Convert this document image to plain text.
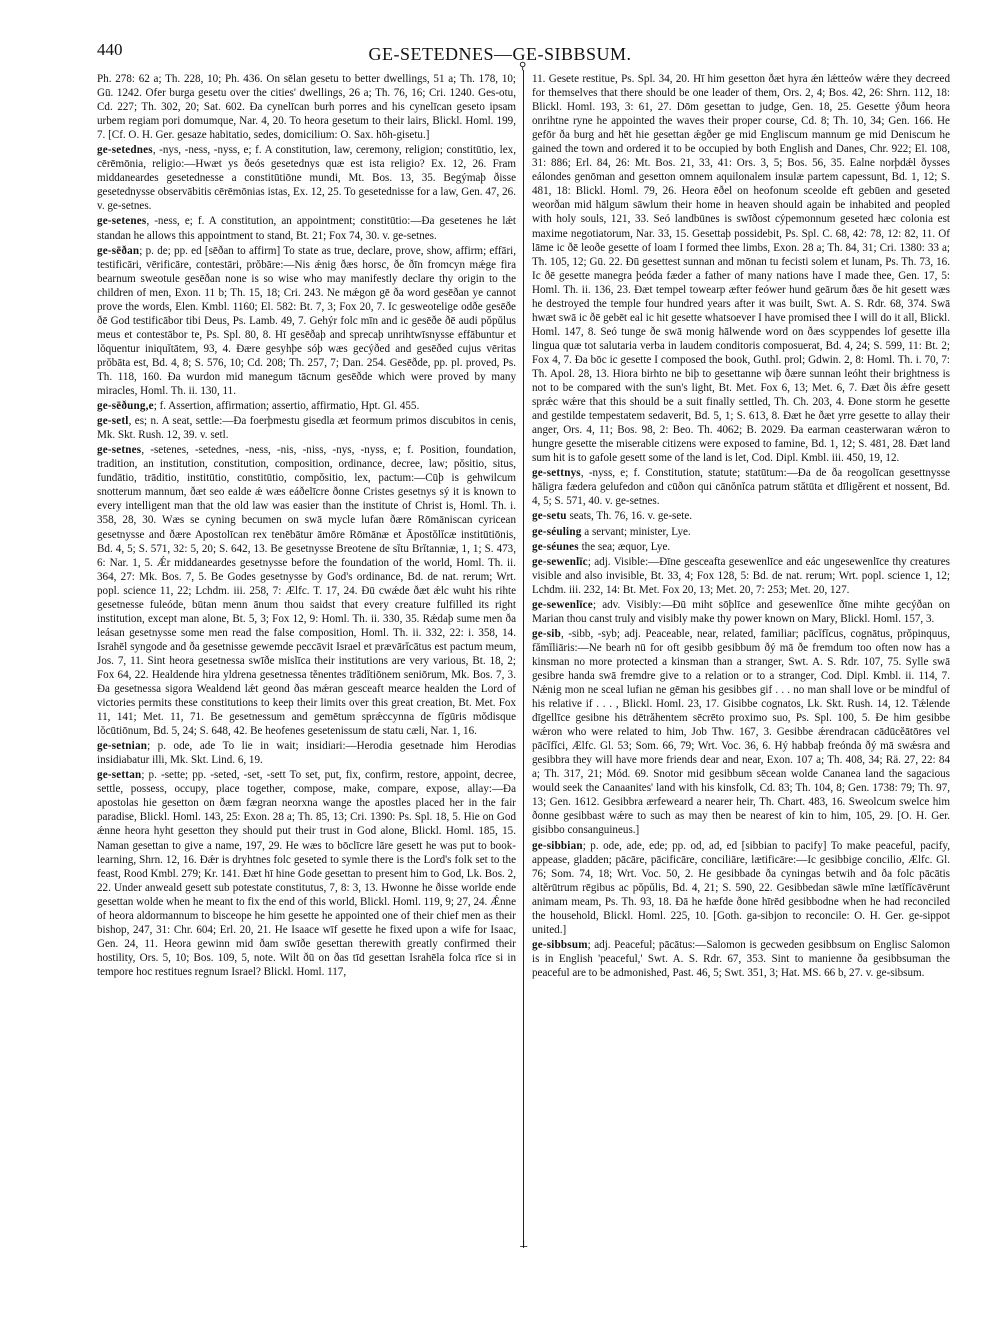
440	GE-SETEDNES—GE-SIBBSUM.
⚲
⊥

Ph. 278: 62 a; Th. 228, 10; Ph. 436. On sēlan gesetu to better dwellings, 51 a; Th. 178, 10; Gū. 1242. Ofer burga gesetu over the cities' dwellings, 26 a; Th. 76, 16; Cri. 1240. Ges-otu, Cd. 227; Th. 302, 20; Sat. 602. Ða cynelīcan burh porres and his cynelīcan geseto ipsam urbem regiam pori domumque, Nar. 4, 20. To heora gesetum to their lairs, Blickl. Homl. 199, 7. [Cf. O. H. Ger. gesaze habitatio, sedes, domicilium: O. Sax. hōh-gisetu.]

ge-setednes, -nys, -ness, -nyss, e; f. A constitution, law, ceremony, religion; constitūtio, lex, cērēmōnia, religio:—Hwæt ys ðeós gesetednys quæ est ista religio? Ex. 12, 26. Fram middaneardes gesetednesse a constitūtiōne mundi, Mt. Bos. 13, 35. Begýmaþ ðisse gesetednysse observābitis cērēmōnias istas, Ex. 12, 25. To gesetednisse for a law, Gen. 47, 26. v. ge-setnes.

ge-setenes, -ness, e; f. A constitution, an appointment; constitūtio:—Ða gesetenes he lǽt standan he allows this appointment to stand, Bt. 21; Fox 74, 30. v. ge-setnes.

ge-sēðan; p. de; pp. ed [sēðan to affirm] To state as true, declare, prove, show, affirm; effāri, testificāri, vērificāre, contestāri, prŏbāre:—Nis ǽnig ðæs horsc, ðe ðīn fromcyn mǽge fira bearnum sweotule gesēðan none is so wise who may manifestly declare thy origin to the children of men, Exon. 11 b; Th. 15, 18; Cri. 243. Ne mǽgon gē ða word gesēðan ye cannot prove the words, Elen. Kmbl. 1160; El. 582: Bt. 7, 3; Fox 20, 7. Ic gesweotelige odðe gesēðe ðē God testificābor tibi Deus, Ps. Lamb. 49, 7. Gehýr folc mīn and ic gesēðe ðē audi pŏpŭlus meus et contestābor te, Ps. Spl. 80, 8. Hī gesēðaþ and sprecaþ unrihtwīsnysse effābuntur et lŏquentur iniquĭtātem, 93, 4. Ðære gesyhþe sóþ wæs gecýðed and gesēðed cujus vēritas prŏbāta est, Bd. 4, 8; S. 576, 10; Cd. 208; Th. 257, 7; Dan. 254. Gesēðde, pp. pl. proved, Ps. Th. 118, 160. Ða wurdon mid manegum tācnum gesēðde which were proved by many miracles, Homl. Th. ii. 130, 11.

ge-sēðung,e; f. Assertion, affirmation; assertio, affirmatio, Hpt. Gl. 455.

ge-setl, es; n. A seat, settle:—Ða foerþmestu gisedla æt feormum primos discubitos in cenis, Mk. Skt. Rush. 12, 39. v. setl.

ge-setnes, -setenes, -setednes, -ness, -nis, -niss, -nys, -nyss, e; f. Position, foundation, tradition, an institution, constitution, composition, ordinance, decree, law; pŏsitio, situs, fundātio, trāditio, institūtio, constitūtio, compŏsitio, lex, pactum:—Cūþ is gehwilcum snotterum mannum, ðæt seo ealde ǽ wæs eáðelīcre ðonne Cristes gesetnys sý it is known to every intelligent man that the old law was easier than the institute of Christ is, Homl. Th. i. 358, 28, 30. Wæs se cyning becumen on swā mycle lufan ðære Rōmāniscan cyricean gesetnysse and ðære Apostolīcan rex tenēbātur āmōre Rōmānæ et Āpostŏlĭcæ institūtiōnis, Bd. 4, 5; S. 571, 32: 5, 20; S. 642, 13. Be gesetnysse Breotene de sĭtu Brĭtanniæ, 1, 1; S. 473, 6: Nar. 1, 5. Ǽr middaneardes gesetnysse before the foundation of the world, Homl. Th. ii. 364, 27: Mk. Bos. 7, 5. Be Godes gesetnysse by God's ordinance, Bd. de nat. rerum; Wrt. popl. science 11, 22; Lchdm. iii. 258, 7: Ælfc. T. 17, 24. Ðū cwǽde ðæt ǽlc wuht his rihte gesetnesse fuleóde, būtan menn ānum thou saidst that every creature fulfilled its right institution, except man alone, Bt. 5, 3; Fox 12, 9: Homl. Th. ii. 330, 35. Rǽdaþ sume men ða leásan gesetnysse some men read the false composition, Homl. Th. ii. 332, 22: i. 358, 14. Israhēl syngode and ða gesetnisse gewemde peccāvit Israel et prævārĭcātus est pactum meum, Jos. 7, 11. Sint heora gesetnessa swīðe mislīca their institutions are very various, Bt. 18, 2; Fox 64, 22. Healdende hira yldrena gesetnessa tĕnentes trādĭtiōnem seniōrum, Mk. Bos. 7, 3. Ða gesetnessa sigora Wealdend lǽt geond ðas mǽran gesceaft mearce healden the Lord of victories permits these constitutions to keep their limits over this great creation, Bt. Met. Fox 11, 141; Met. 11, 71. Be gesetnessum and gemētum sprǽccynna de fĭgūris mŏdisque lŏcūtiōnum, Bd. 5, 24; S. 648, 42. Be heofenes gesetenissum de statu cæli, Nar. 1, 16.

ge-setnian; p. ode, ade To lie in wait; insidiari:—Herodia gesetnade him Herodias insidiabatur illi, Mk. Skt. Lind. 6, 19.

ge-settan; p. -sette; pp. -seted, -set, -sett To set, put, fix, confirm, restore, appoint, decree, settle, possess, occupy, place together, compose, make, compare, expose, allay:—Ða apostolas hie gesetton on ðæm fægran neorxna wange the apostles placed her in the fair paradise, Blickl. Homl. 143, 25: Exon. 28 a; Th. 85, 13; Cri. 1390: Ps. Spl. 18, 5. Hie on God ǽnne heora hyht gesetton they should put their trust in God alone, Blickl. Homl. 185, 15. Naman gesettan to give a name, 197, 29. He wæs to bōclīcre lāre gesett he was put to book-learning, Shrn. 12, 16. Ðǽr is dryhtnes folc geseted to symle there is the Lord's folk set to the feast, Rood Kmbl. 279; Kr. 141. Ðæt hī hine Gode gesettan to present him to God, Lk. Bos. 2, 22. Under anweald gesett sub potestate constitutus, 7, 8: 3, 13. Hwonne he ðisse worlde ende gesettan wolde when he meant to fix the end of this world, Blickl. Homl. 119, 9; 27, 24. Ǽnne of heora aldormannum to bisceope he him gesette he appointed one of their chief men as their bishop, 247, 31: Chr. 604; Erl. 20, 21. He Isaace wīf gesette he fixed upon a wife for Isaac, Gen. 24, 11. Heora gewinn mid ðam swīðe gesettan therewith greatly confirmed their hostility, Ors. 5, 10; Bos. 109, 5, note. Wilt ðū on ðas tīd gesettan Israhēla folca rīce si in tempore hoc restitues regnum Israel? Blickl. Homl. 117,

11. Gesete restitue, Ps. Spl. 34, 20. Hī him gesetton ðæt hyra ǽn lǽtteów wǽre they decreed for themselves that there should be one leader of them, Ors. 2, 4; Bos. 42, 26: Shrn. 112, 18: Blickl. Homl. 193, 3: 61, 27. Dōm gesettan to judge, Gen. 18, 25. Gesette ýðum heora onrihtne ryne he appointed the waves their proper course, Cd. 8; Th. 10, 34; Gen. 166. He gefōr ða burg and hēt hie gesettan ǽgðer ge mid Engliscum mannum ge mid Deniscum he gained the town and ordered it to be occupied by both English and Danes, Chr. 922; El. 108, 31: 886; Erl. 84, 26: Mt. Bos. 21, 33, 41: Ors. 3, 5; Bos. 56, 35. Ealne norþdǽl ðysses eálondes genōman and gesetton omnem aquilonalem insulæ partem capessunt, Bd. 1, 12; S. 481, 18: Blickl. Homl. 79, 26. Heora ēðel on heofonum sceolde eft gebūen and geseted weorðan mid hālgum sāwlum their home in heaven should again be inhabited and peopled with holy souls, 121, 33. Seó landbūnes is swīðost cýpemonnum geseted hæc colonia est maxime negotiatorum, Nar. 33, 15. Gesettaþ possidebit, Ps. Spl. C. 68, 42: 78, 12: 82, 11. Of lāme ic ðē leoðe gesette of loam I formed thee limbs, Exon. 28 a; Th. 84, 31; Cri. 1380: 33 a; Th. 105, 12; Gū. 22. Ðū gesettest sunnan and mōnan tu fecisti solem et lunam, Ps. Th. 73, 16. Ic ðē gesette manegra þeóda fæder a father of many nations have I made thee, Gen. 17, 5: Homl. Th. ii. 136, 23. Ðæt tempel towearp æfter feówer hund geārum ðæs ðe hit gesett wæs he destroyed the temple four hundred years after it was built, Swt. A. S. Rdr. 68, 374. Swā hwæt swā ic ðē gebēt eal ic hit gesette whatsoever I have promised thee I will do it all, Blickl. Homl. 147, 8. Seó tunge ðe swā monig hālwende word on ðæs scyppendes lof gesette illa lingua quæ tot salutaria verba in laudem conditoris composuerat, Bd. 4, 24; S. 599, 11: Bt. 2; Fox 4, 7. Ða bōc ic gesette I composed the book, Guthl. prol; Gdwin. 2, 8: Homl. Th. i. 70, 7: Th. Apol. 28, 13. Hiora birhto ne biþ to gesettanne wiþ ðære sunnan leóht their brightness is not to be compared with the sun's light, Bt. Met. Fox 6, 13; Met. 6, 7. Ðæt ðis ǽfre gesett sprǽc wǽre that this should be a suit finally settled, Th. Ch. 203, 4. Ðone storm he gesette and gestilde tempestatem sedaverit, Bd. 5, 1; S. 613, 8. Ðæt he ðæt yrre gesette to allay their anger, Ors. 4, 11; Bos. 98, 2: Beo. Th. 4062; B. 2029. Ða earman ceasterwaran wǽron to hungre gesette the miserable citizens were exposed to famine, Bd. 1, 12; S. 481, 28. Ðæt land sum hit is to gafole gesett some of the land is let, Cod. Dipl. Kmbl. iii. 450, 19, 12.

ge-settnys, -nyss, e; f. Constitution, statute; statūtum:—Ða de ða reogolīcan gesettnysse hāligra fædera gelufedon and cūðon qui cānŏnĭca patrum stătūta et dīligĕrent et nossent, Bd. 4, 5; S. 571, 40. v. ge-setnes.

ge-setu seats, Th. 76, 16. v. ge-sete.

ge-séuling a servant; minister, Lye.

ge-séunes the sea; æquor, Lye.

ge-sewenlīc; adj. Visible:—Ðīne gesceafta gesewenlīce and eác ungesewenlīce thy creatures visible and also invisible, Bt. 33, 4; Fox 128, 5: Bd. de nat. rerum; Wrt. popl. science 1, 12; Lchdm. iii. 232, 14: Bt. Met. Fox 20, 13; Met. 20, 7: 253; Met. 20, 127.

ge-sewenlīce; adv. Visibly:—Ðū miht sōþlīce and gesewenlīce ðīne mihte gecýðan on Marian thou canst truly and visibly make thy power known on Mary, Blickl. Homl. 157, 3.

ge-sib, -sibb, -syb; adj. Peaceable, near, related, familiar; pācĭfĭcus, cognātus, prŏpinquus, fămĭliāris:—Ne bearh nū for oft gesibb gesibbum ðý mā ðe fremdum too often now has a kinsman no more protected a kinsman than a stranger, Swt. A. S. Rdr. 107, 75. Sylle swā gesibre handa swā fremdre give to a relation or to a stranger, Cod. Dipl. Kmbl. ii. 114, 7. Nǽnig mon ne sceal lufian ne gēman his gesibbes gif . . . no man shall love or be mindful of his relative if . . . , Blickl. Homl. 23, 17. Gisibbe cognatos, Lk. Skt. Rush. 14, 12. Tǽlende dīgellīce gesibne his dētrăhentem sēcrēto proximo suo, Ps. Spl. 100, 5. Ðe him gesibbe wǽron who were related to him, Job Thw. 167, 3. Gesibbe ǽrendracan cādūcĕātōres vel pācĭfĭci, Ælfc. Gl. 53; Som. 66, 79; Wrt. Voc. 36, 6. Hý habbaþ freónda ðý mā swǽsra and gesibbra they will have more friends dear and near, Exon. 107 a; Th. 408, 34; Rä. 27, 22: 84 a; Th. 317, 21; Mód. 69. Snotor mid gesibbum sēcean wolde Cananea land the sagacious would seek the Canaanites' land with his kinsfolk, Cd. 83; Th. 104, 8; Gen. 1738: 79; Th. 97, 13; Gen. 1612. Gesibbra ærfeweard a nearer heir, Th. Chart. 483, 16. Sweolcum swelce him ðonne gesibbast wǽre to such as may then be nearest of kin to him, 105, 29. [O. H. Ger. gisibbo consanguineus.]

ge-sibbian; p. ode, ade, ede; pp. od, ad, ed [sibbian to pacify] To make peaceful, pacify, appease, gladden; pācāre, pācificāre, conciliāre, lætificāre:—Ic gesibbige concilio, Ælfc. Gl. 76; Som. 74, 18; Wrt. Voc. 50, 2. He gesibbade ða cyningas betwih and ða folc pācātis altĕrūtrum rēgibus ac pŏpŭlis, Bd. 4, 21; S. 590, 22. Gesibbedan sāwle mīne lætĭfĭcāvērunt animam meam, Ps. Th. 93, 18. Ðā he hæfde ðone hīrēd gesibbodne when he had reconciled the household, Blickl. Homl. 225, 10. [Goth. ga-sibjon to reconcile: O. H. Ger. ge-sippot united.]

ge-sibbsum; adj. Peaceful; pācātus:—Salomon is gecweden gesibbsum on Englisc Salomon is in English 'peaceful,' Swt. A. S. Rdr. 67, 353. Sint to manienne ða gesibbsuman the peaceful are to be admonished, Past. 46, 5; Swt. 351, 3; Hat. MS. 66 b, 27. v. ge-sibsum.
